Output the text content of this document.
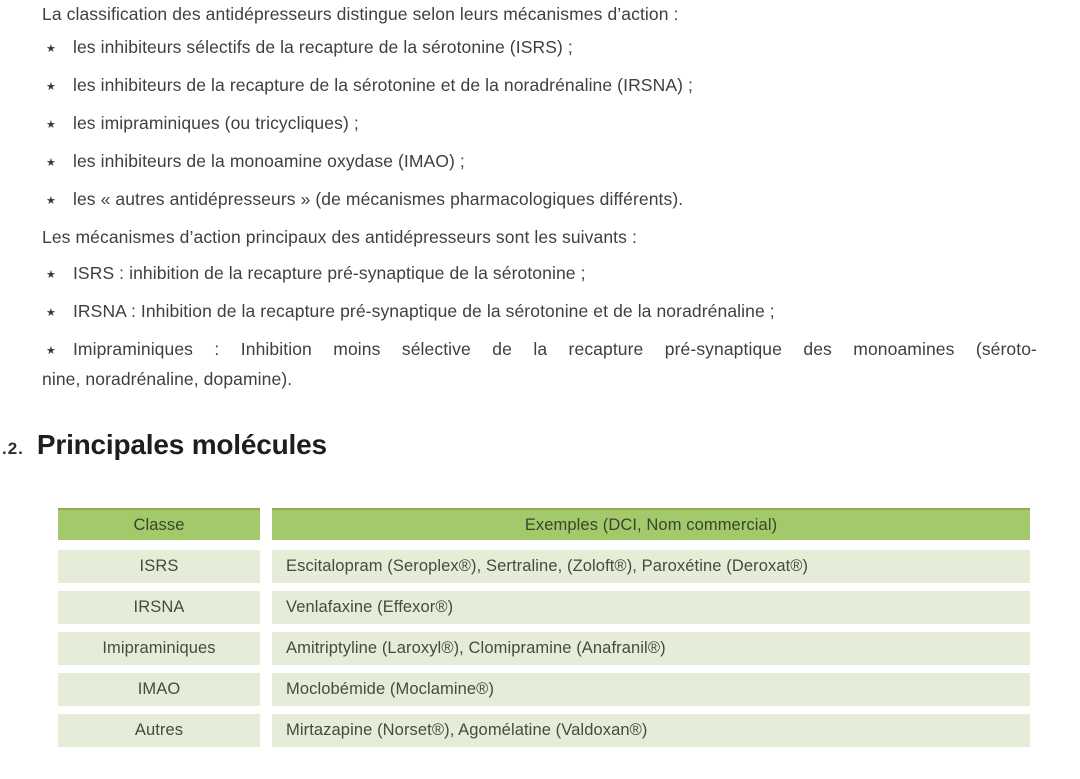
La classification des antidépresseurs distingue selon leurs mécanismes d’action :

★ les inhibiteurs sélectifs de la recapture de la sérotonine (ISRS) ;

★ les inhibiteurs de la recapture de la sérotonine et de la noradrénaline (IRSNA) ;

★ les imipraminiques (ou tricycliques) ;

★ les inhibiteurs de la monoamine oxydase (IMAO) ;

★ les « autres antidépresseurs » (de mécanismes pharmacologiques différents).

Les mécanismes d’action principaux des antidépresseurs sont les suivants :

★ ISRS : inhibition de la recapture pré-synaptique de la sérotonine ;

★ IRSNA : Inhibition de la recapture pré-synaptique de la sérotonine et de la noradrénaline ;

★ Imipraminiques : Inhibition moins sélective de la recapture pré-synaptique des monoamines (séroto-

nine, noradrénaline, dopamine).

.2. Principales molécules
Classe	Exemples (DCI, Nom commercial)
ISRS	Escitalopram (Seroplex®), Sertraline, (Zoloft®), Paroxétine (Deroxat®)
IRSNA	Venlafaxine (Effexor®)
Imipraminiques	Amitriptyline (Laroxyl®), Clomipramine (Anafranil®)
IMAO	Moclobémide (Moclamine®)
Autres	Mirtazapine (Norset®), Agomélatine (Valdoxan®)
